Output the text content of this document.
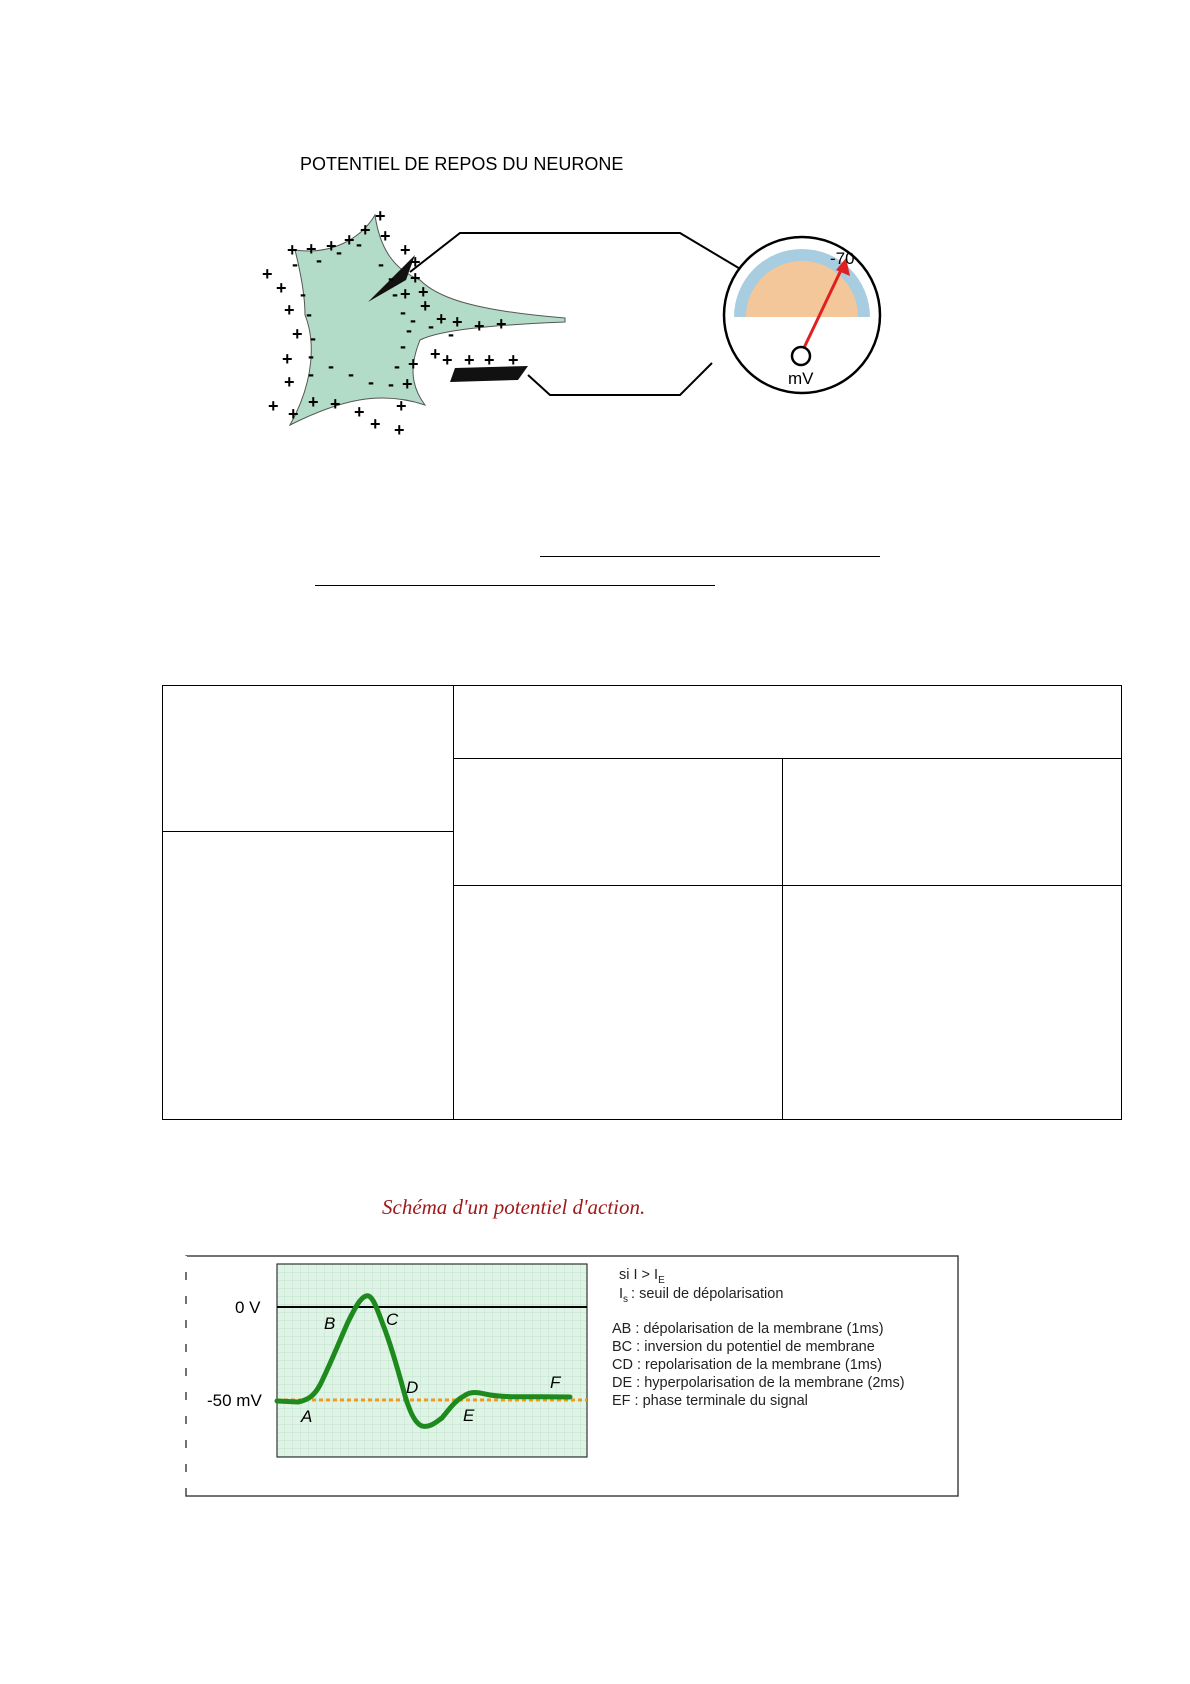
POTENTIEL DE REPOS DU NEURONE
-70
mV
+
+ +
+
+
+
+	+
+
+
+
+
+
+
+
+
+ +
+ + +
+ +
+
+
+
+
+ + + +
+ + + + +
+ +
-
-
-
-	-
-
-
- - - -
-
-
-
-
- - - - -
-
-
-
Schéma d'un potentiel d'action.
0 V
-50 mV
A
B	C
D
E
F
si $I > I_E$
$I_s$ : seuil de dépolarisation
AB : dépolarisation de la membrane (1ms)
BC : inversion du potentiel de membrane
CD : repolarisation de la membrane (1ms)
DE : hyperpolarisation de la membrane (2ms)
EF : phase terminale du signal
